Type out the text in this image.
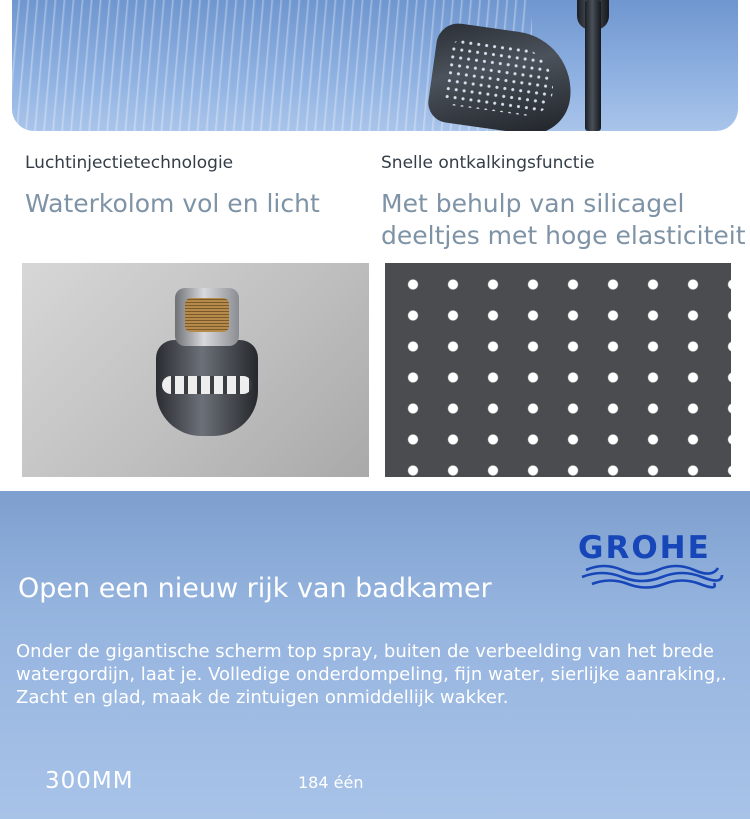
Luchtinjectietechnologie
Waterkolom vol en licht
Snelle ontkalkingsfunctie
Met behulp van silicagel
deeltjes met hoge elasticiteit
GROHE
Open een nieuw rijk van badkamer
Onder de gigantische scherm top spray, buiten de verbeelding van het brede watergordijn, laat je. Volledige onderdompeling, fijn water, sierlijke aanraking,. Zacht en glad, maak de zintuigen onmiddellijk wakker.
300MM	184 één
